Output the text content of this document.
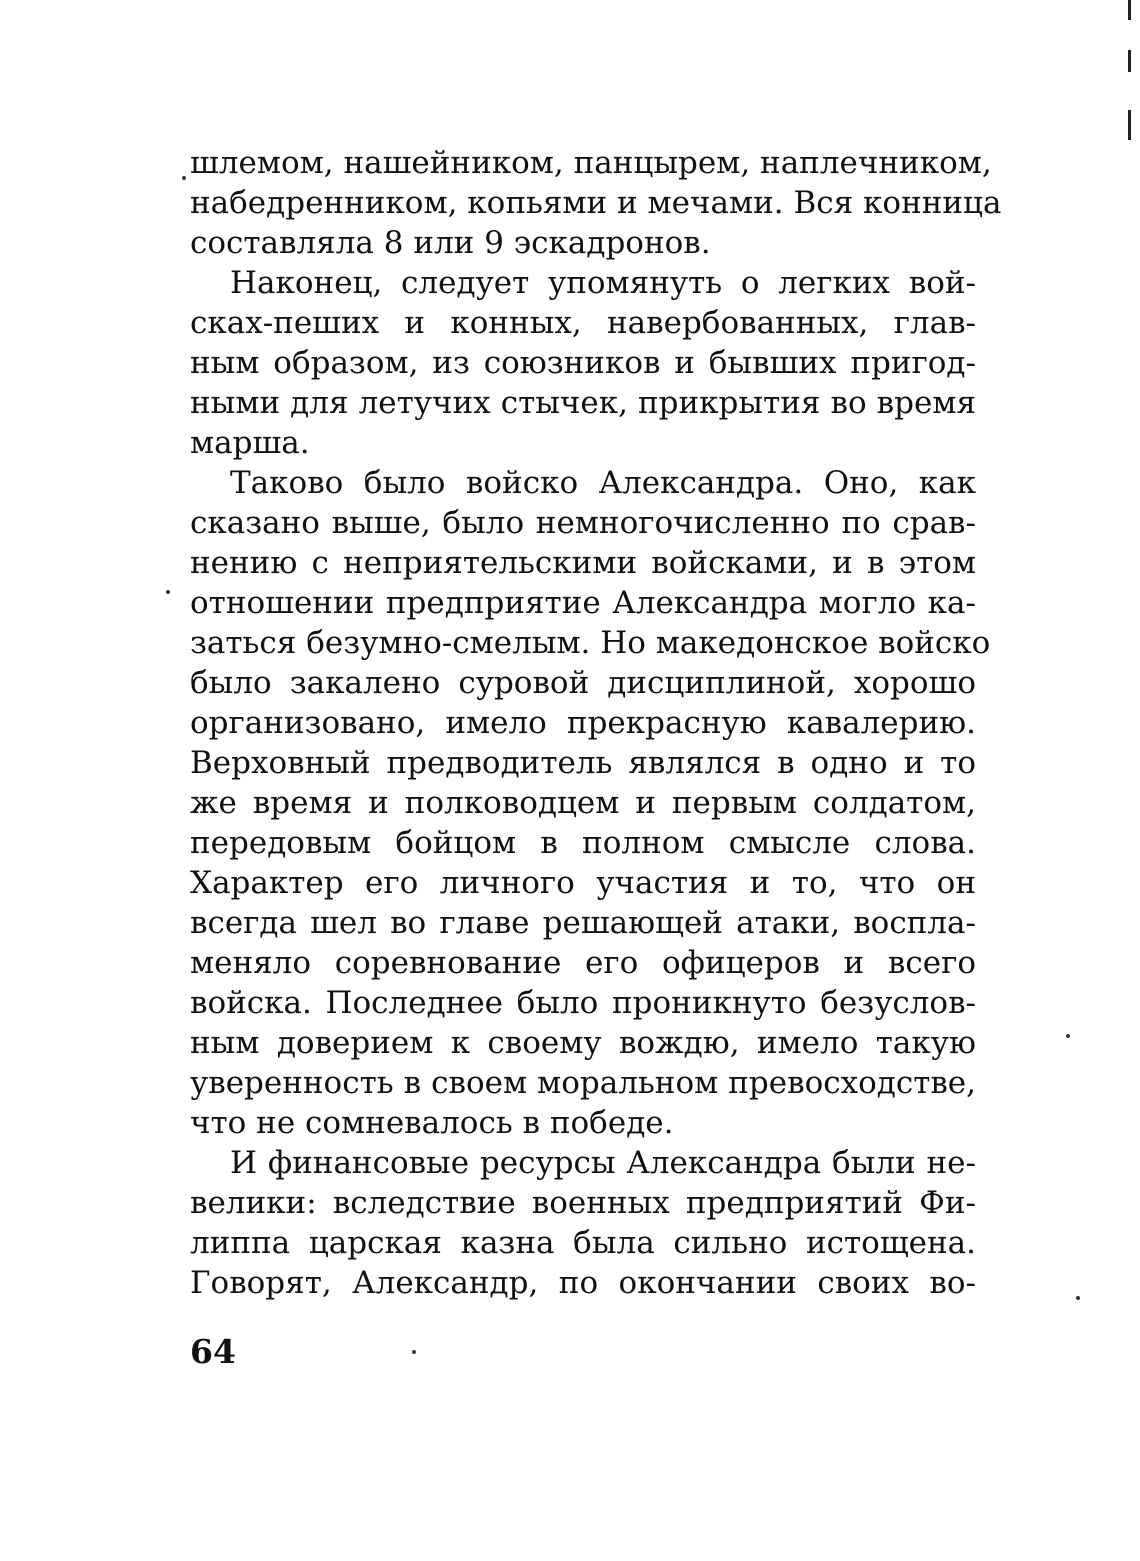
шлемом, нашейником, панцырем, наплечником,
набедренником, копьями и мечами. Вся конница
составляла 8 или 9 эскадронов.
Наконец, следует упомянуть о легких вой-
сках-пеших и конных, навербованных, глав-
ным образом, из союзников и бывших пригод-
ными для летучих стычек, прикрытия во время
марша.
Таково было войско Александра. Оно, как
сказано выше, было немногочисленно по срав-
нению с неприятельскими войсками, и в этом
отношении предприятие Александра могло ка-
заться безумно-смелым. Но македонское войско
было закалено суровой дисциплиной, хорошо
организовано, имело прекрасную кавалерию.
Верховный предводитель являлся в одно и то
же время и полководцем и первым солдатом,
передовым бойцом в полном смысле слова.
Характер его личного участия и то, что он
всегда шел во главе решающей атаки, воспла-
меняло соревнование его офицеров и всего
войска. Последнее было проникнуто безуслов-
ным доверием к своему вождю, имело такую
уверенность в своем моральном превосходстве,
что не сомневалось в победе.
И финансовые ресурсы Александра были не-
велики: вследствие военных предприятий Фи-
липпа царская казна была сильно истощена.
Говорят, Александр, по окончании своих во-
64
